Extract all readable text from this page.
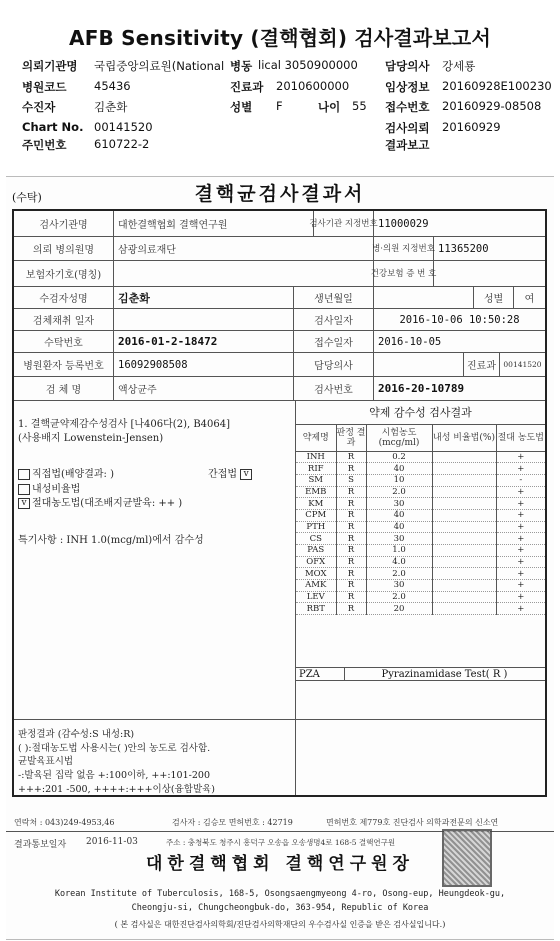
AFB Sensitivity (결핵협회) 검사결과보고서
의뢰기관명 국립중앙의료원(National 병동 lical 3050900000 담당의사 강세룡
병원코드 45436	진료과 2010600000	임상정보 20160928E100230
수진자	김춘화	성별 F	나이 55 접수번호 20160929-08508
Chart No. 00141520	검사의뢰 20160929
주민번호 610722-2	결과보고
(수탁)	결핵균검사결과서
검사기관명	대한결핵협회 결핵연구원	검사기관 지정번호 11000029
의뢰 병의원명	삼광의료재단	병·의원 지정번호 11365200
보험자기호(명칭)	건강보험 증 번 호
수검자성명	김춘화	생년월일	성별	여
검체채취 일자	검사일자	2016-10-06 10:50:28
수탁번호	2016-01-2-18472	접수일자	2016-10-05
병원환자 등록번호	16092908508	담당의사	진료과 00141520
검 체 명	액상균주	검사번호	2016-20-10789
1. 결핵균약제감수성검사 [나406다(2), B4064]
(사용배지 Lowenstein-Jensen)
직접법(배양결과: )	간접법 v
내성비율법
v 절대농도법(대조배지균발육: ++ )
특기사항 : INH 1.0(mcg/ml)에서 감수성
약제 감수성 검사결과
약제명	판정 결과	시험농도 (mcg/ml)	내성 비율법(%)	절대 농도법
INH	R	0.2		+
RIF	R	40		+
SM	S	10		-
EMB	R	2.0		+
KM	R	30		+
CPM	R	40		+
PTH	R	40		+
CS	R	30		+
PAS	R	1.0		+
OFX	R	4.0		+
MOX	R	2.0		+
AMK	R	30		+
LEV	R	2.0		+
RBT	R	20		+
PZA	Pyrazinamidase Test( R )
판정결과 (감수성:S 내성:R)
( ):절대농도법 사용시는( )안의 농도로 검사함.
균발육표시법
-:발육된 집락 없음 +:100이하, ++:101-200
+++:201 -500, ++++:+++이상(융합발육)
연락처 : 043)249-4953,46	검사자 : 김승모 면허번호 : 42719	면허번호 제779호 진단검사 의학과전문의 신소연
결과통보일자 2016-11-03	주소 : 충청북도 청주시 흥덕구 오송읍 오송생명4로 168-5 결핵연구원
대한결핵협회 결핵연구원장
Korean Institute of Tuberculosis, 168-5, Osongsaengmyeong 4-ro, Osong-eup, Heungdeok-gu,
Cheongju-si, Chungcheongbuk-do, 363-954, Republic of Korea
( 본 검사실은 대한진단검사의학회/진단검사의학재단의 우수검사실 인증을 받은 검사실입니다.)
